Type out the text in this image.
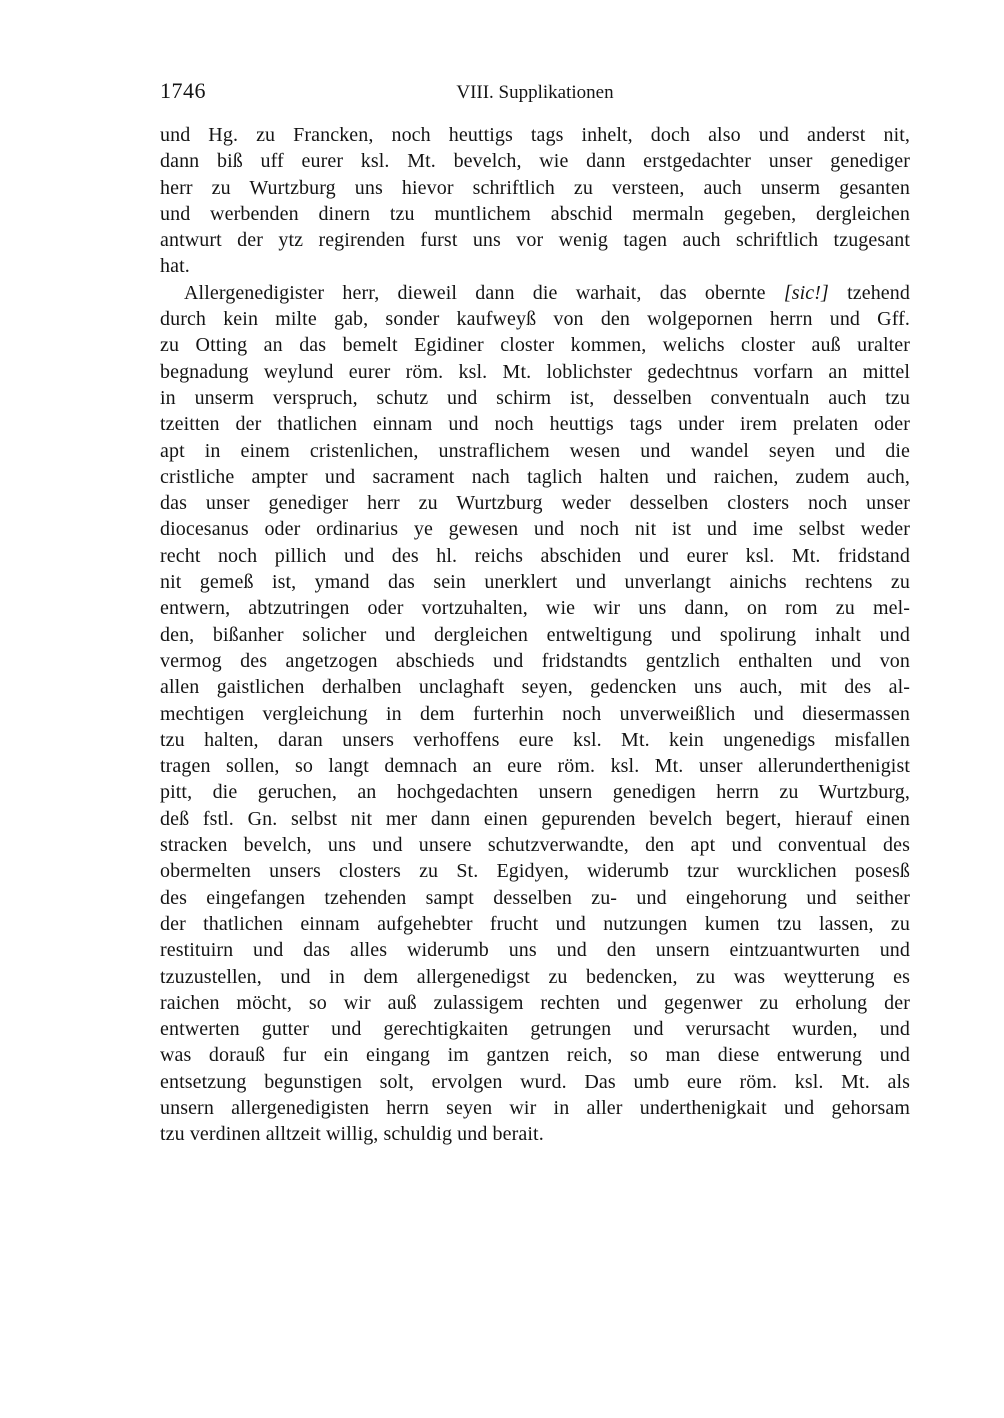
1746	VIII. Supplikationen
und Hg. zu Francken, noch heuttigs tags inhelt, doch also und anderst nit,
dann biß uff eurer ksl. Mt. bevelch, wie dann erstgedachter unser genediger
herr zu Wurtzburg uns hievor schriftlich zu versteen, auch unserm gesanten
und werbenden dinern tzu muntlichem abschid mermaln gegeben, dergleichen
antwurt der ytz regirenden furst uns vor wenig tagen auch schriftlich tzugesant
hat.
Allergenedigister herr, dieweil dann die warhait, das obernte [sic!] tzehend
durch kein milte gab, sonder kaufweyß von den wolgepornen herrn und Gff.
zu Otting an das bemelt Egidiner closter kommen, welichs closter auß uralter
begnadung weylund eurer röm. ksl. Mt. loblichster gedechtnus vorfarn an mittel
in unserm verspruch, schutz und schirm ist, desselben conventualn auch tzu
tzeitten der thatlichen einnam und noch heuttigs tags under irem prelaten oder
apt in einem cristenlichen, unstraflichem wesen und wandel seyen und die
cristliche ampter und sacrament nach taglich halten und raichen, zudem auch,
das unser genediger herr zu Wurtzburg weder desselben closters noch unser
diocesanus oder ordinarius ye gewesen und noch nit ist und ime selbst weder
recht noch pillich und des hl. reichs abschiden und eurer ksl. Mt. fridstand
nit gemeß ist, ymand das sein unerklert und unverlangt ainichs rechtens zu
entwern, abtzutringen oder vortzuhalten, wie wir uns dann, on rom zu mel-
den, bißanher solicher und dergleichen entweltigung und spolirung inhalt und
vermog des angetzogen abschieds und fridstandts gentzlich enthalten und von
allen gaistlichen derhalben unclaghaft seyen, gedencken uns auch, mit des al-
mechtigen vergleichung in dem furterhin noch unverweißlich und diesermassen
tzu halten, daran unsers verhoffens eure ksl. Mt. kein ungenedigs misfallen
tragen sollen, so langt demnach an eure röm. ksl. Mt. unser allerunderthenigist
pitt, die geruchen, an hochgedachten unsern genedigen herrn zu Wurtzburg,
deß fstl. Gn. selbst nit mer dann einen gepurenden bevelch begert, hierauf einen
stracken bevelch, uns und unsere schutzverwandte, den apt und conventual des
obermelten unsers closters zu St. Egidyen, widerumb tzur wurcklichen posesß
des eingefangen tzehenden sampt desselben zu- und eingehorung und seither
der thatlichen einnam aufgehebter frucht und nutzungen kumen tzu lassen, zu
restituirn und das alles widerumb uns und den unsern eintzuantwurten und
tzuzustellen, und in dem allergenedigst zu bedencken, zu was weytterung es
raichen möcht, so wir auß zulassigem rechten und gegenwer zu erholung der
entwerten gutter und gerechtigkaiten getrungen und verursacht wurden, und
was dorauß fur ein eingang im gantzen reich, so man diese entwerung und
entsetzung begunstigen solt, ervolgen wurd. Das umb eure röm. ksl. Mt. als
unsern allergenedigisten herrn seyen wir in aller underthenigkait und gehorsam
tzu verdinen alltzeit willig, schuldig und berait.
